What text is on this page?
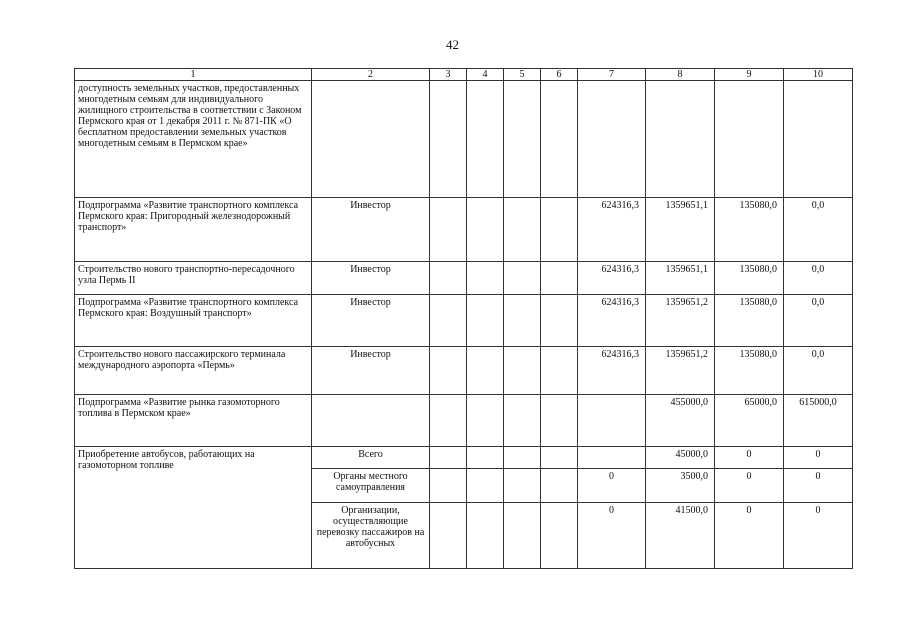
42
1	2	3	4	5	6	7	8	9	10
доступность земельных участков, предоставленных многодетным семьям для индивидуального жилищного строительства в соответствии с Законом Пермского края от 1 декабря 2011 г. № 871-ПК «О бесплатном предоставлении земельных участков многодетным семьям в Пермском крае»									
Подпрограмма «Развитие транспортного комплекса Пермского края: Пригородный железнодорожный транспорт»	Инвестор					624316,3	1359651,1	135080,0	0,0
Строительство нового транспортно-пересадочного узла Пермь II	Инвестор					624316,3	1359651,1	135080,0	0,0
Подпрограмма «Развитие транспортного комплекса Пермского края: Воздушный транспорт»	Инвестор					624316,3	1359651,2	135080,0	0,0
Строительство нового пассажирского терминала международного аэропорта «Пермь»	Инвестор					624316,3	1359651,2	135080,0	0,0
Подпрограмма «Развитие рынка газомоторного топлива в Пермском крае»							455000,0	65000,0	615000,0
Приобретение автобусов, работающих на газомоторном топливе	Всего						45000,0	0	0
	Органы местного самоуправления					0	3500,0	0	0
	Организации, осуществляющие перевозку пассажиров на автобусных					0	41500,0	0	0
